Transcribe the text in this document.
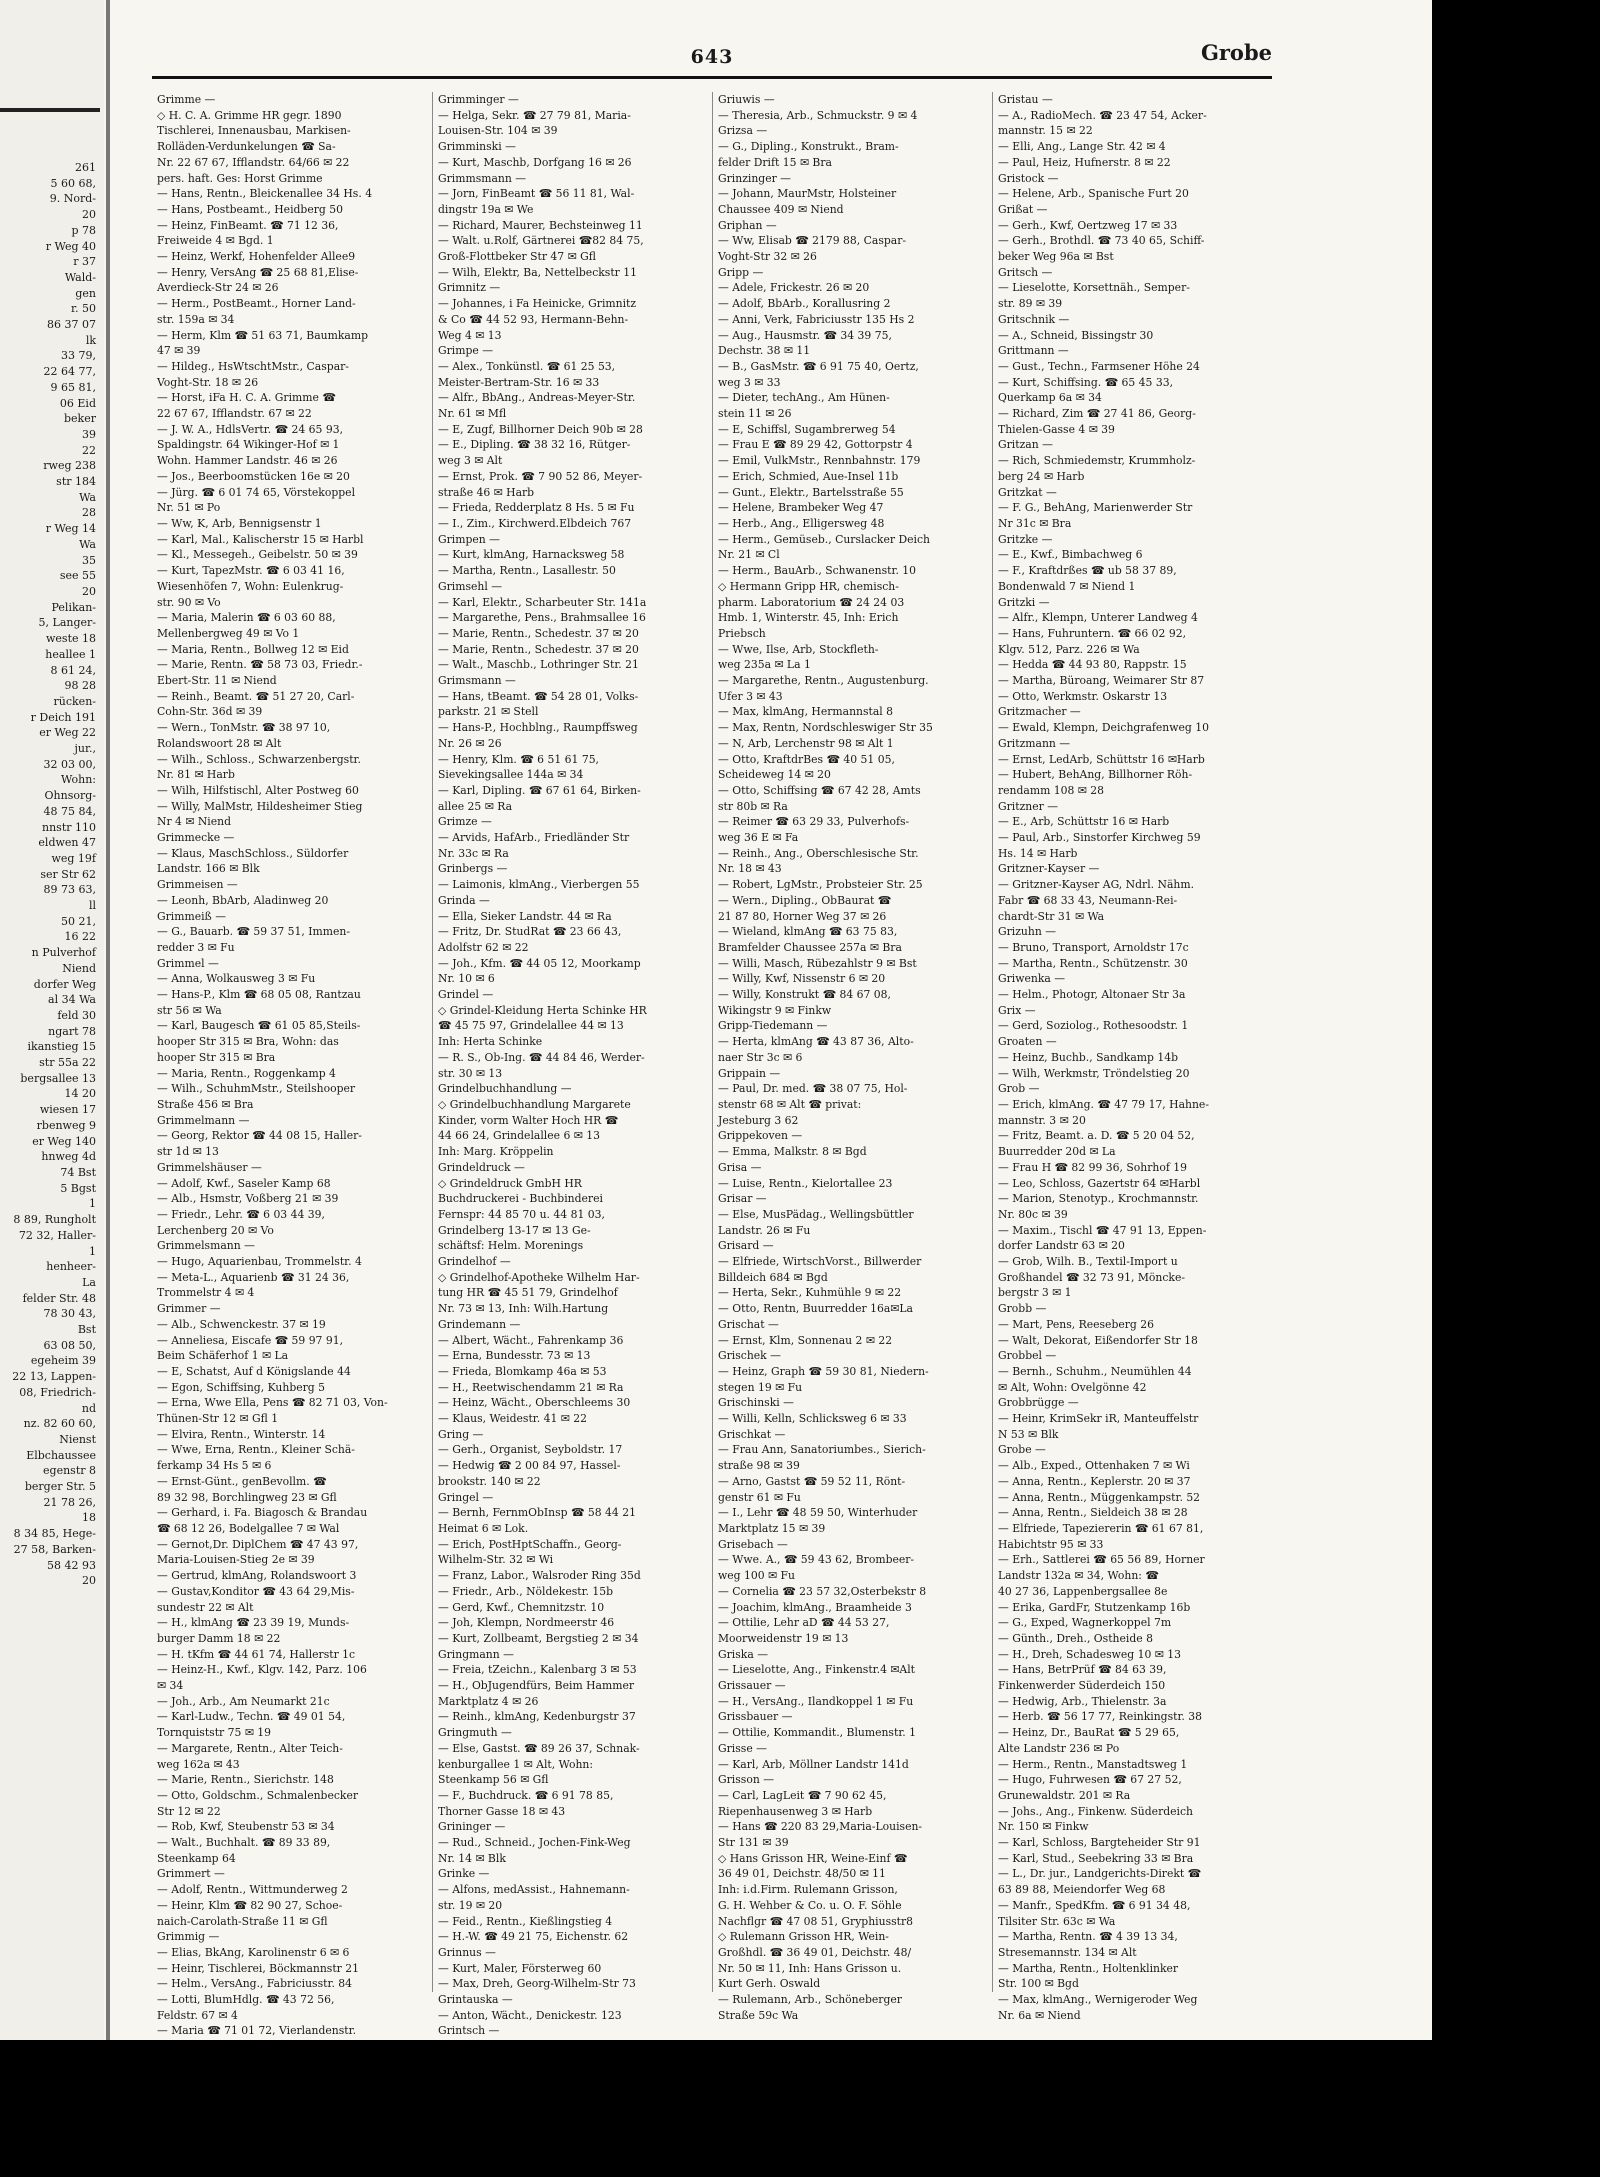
261
5 60 68,
9. Nord-
20
p 78
r Weg 40
r 37
Wald-
gen
r. 50
86 37 07
lk
33 79,
22 64 77,
9 65 81,
06 Eid
beker
39
22
rweg 238
str 184
Wa
28
r Weg 14
Wa
35
see 55
20
Pelikan-
5, Langer-
weste 18
heallee 1
8 61 24,
98 28
rücken-
r Deich 191
er Weg 22
jur.,
32 03 00,
Wohn:
Ohnsorg-
48 75 84,
nnstr 110
eldwen 47
weg 19f
ser Str 62
89 73 63,
ll
50 21,
16 22
n Pulverhof
Niend
dorfer Weg
al 34 Wa
feld 30
ngart 78
ikanstieg 15
str 55a 22
bergsallee 13
14 20
wiesen 17
rbenweg 9
er Weg 140
hnweg 4d
74 Bst
5 Bgst
1
8 89, Rungholt
72 32, Haller-
1
henheer-
La
felder Str. 48
78 30 43,
Bst
63 08 50,
egeheim 39
22 13, Lappen-
08, Friedrich-
nd
nz. 82 60 60,
Nienst
Elbchaussee
egenstr 8
berger Str. 5
21 78 26,
18
8 34 85, Hege-
27 58, Barken-
58 42 93
20
643	Grobe
Grimme —
◇ H. C. A. Grimme HR gegr. 1890
Tischlerei, Innenausbau, Markisen-
Rolläden-Verdunkelungen ☎ Sa-
Nr. 22 67 67, Ifflandstr. 64/66 ✉ 22
pers. haft. Ges: Horst Grimme
— Hans, Rentn., Bleickenallee 34 Hs. 4
— Hans, Postbeamt., Heidberg 50
— Heinz, FinBeamt. ☎ 71 12 36,
Freiweide 4 ✉ Bgd. 1
— Heinz, Werkf, Hohenfelder Allee9
— Henry, VersAng ☎ 25 68 81,Elise-
Averdieck-Str 24 ✉ 26
— Herm., PostBeamt., Horner Land-
str. 159a ✉ 34
— Herm, Klm ☎ 51 63 71, Baumkamp
47 ✉ 39
— Hildeg., HsWtschtMstr., Caspar-
Voght-Str. 18 ✉ 26
— Horst, iFa H. C. A. Grimme ☎
22 67 67, Ifflandstr. 67 ✉ 22
— J. W. A., HdlsVertr. ☎ 24 65 93,
Spaldingstr. 64 Wikinger-Hof ✉ 1
Wohn. Hammer Landstr. 46 ✉ 26
— Jos., Beerboomstücken 16e ✉ 20
— Jürg. ☎ 6 01 74 65, Vörstekoppel
Nr. 51 ✉ Po
— Ww, K, Arb, Bennigsenstr 1
— Karl, Mal., Kalischerstr 15 ✉ Harbl
— Kl., Messegeh., Geibelstr. 50 ✉ 39
— Kurt, TapezMstr. ☎ 6 03 41 16,
Wiesenhöfen 7, Wohn: Eulenkrug-
str. 90 ✉ Vo
— Maria, Malerin ☎ 6 03 60 88,
Mellenbergweg 49 ✉ Vo 1
— Maria, Rentn., Bollweg 12 ✉ Eid
— Marie, Rentn. ☎ 58 73 03, Friedr.-
Ebert-Str. 11 ✉ Niend
— Reinh., Beamt. ☎ 51 27 20, Carl-
Cohn-Str. 36d ✉ 39
— Wern., TonMstr. ☎ 38 97 10,
Rolandswoort 28 ✉ Alt
— Wilh., Schloss., Schwarzenbergstr.
Nr. 81 ✉ Harb
— Wilh, Hilfstischl, Alter Postweg 60
— Willy, MalMstr, Hildesheimer Stieg
Nr 4 ✉ Niend
Grimmecke —
— Klaus, MaschSchloss., Süldorfer
Landstr. 166 ✉ Blk
Grimmeisen —
— Leonh, BbArb, Aladinweg 20
Grimmeiß —
— G., Bauarb. ☎ 59 37 51, Immen-
redder 3 ✉ Fu
Grimmel —
— Anna, Wolkausweg 3 ✉ Fu
— Hans-P., Klm ☎ 68 05 08, Rantzau
str 56 ✉ Wa
— Karl, Baugesch ☎ 61 05 85,Steils-
hooper Str 315 ✉ Bra, Wohn: das
hooper Str 315 ✉ Bra
— Maria, Rentn., Roggenkamp 4
— Wilh., SchuhmMstr., Steilshooper
Straße 456 ✉ Bra
Grimmelmann —
— Georg, Rektor ☎ 44 08 15, Haller-
str 1d ✉ 13
Grimmelshäuser —
— Adolf, Kwf., Saseler Kamp 68
— Alb., Hsmstr, Voßberg 21 ✉ 39
— Friedr., Lehr. ☎ 6 03 44 39,
Lerchenberg 20 ✉ Vo
Grimmelsmann —
— Hugo, Aquarienbau, Trommelstr. 4
— Meta-L., Aquarienb ☎ 31 24 36,
Trommelstr 4 ✉ 4
Grimmer —
— Alb., Schwenckestr. 37 ✉ 19
— Anneliesa, Eiscafe ☎ 59 97 91,
Beim Schäferhof 1 ✉ La
— E, Schatst, Auf d Königslande 44
— Egon, Schiffsing, Kuhberg 5
— Erna, Wwe Ella, Pens ☎ 82 71 03, Von-
Thünen-Str 12 ✉ Gfl 1
— Elvira, Rentn., Winterstr. 14
— Wwe, Erna, Rentn., Kleiner Schä-
ferkamp 34 Hs 5 ✉ 6
— Ernst-Günt., genBevollm. ☎
89 32 98, Borchlingweg 23 ✉ Gfl
— Gerhard, i. Fa. Biagosch & Brandau
☎ 68 12 26, Bodelgallee 7 ✉ Wal
— Gernot,Dr. DiplChem ☎ 47 43 97,
Maria-Louisen-Stieg 2e ✉ 39
— Gertrud, klmAng, Rolandswoort 3
— Gustav,Konditor ☎ 43 64 29,Mis-
sundestr 22 ✉ Alt
— H., klmAng ☎ 23 39 19, Munds-
burger Damm 18 ✉ 22
— H. tKfm ☎ 44 61 74, Hallerstr 1c
— Heinz-H., Kwf., Klgv. 142, Parz. 106
✉ 34
— Joh., Arb., Am Neumarkt 21c
— Karl-Ludw., Techn. ☎ 49 01 54,
Tornquiststr 75 ✉ 19
— Margarete, Rentn., Alter Teich-
weg 162a ✉ 43
— Marie, Rentn., Sierichstr. 148
— Otto, Goldschm., Schmalenbecker
Str 12 ✉ 22
— Rob, Kwf, Steubenstr 53 ✉ 34
— Walt., Buchhalt. ☎ 89 33 89,
Steenkamp 64
Grimmert —
— Adolf, Rentn., Wittmunderweg 2
— Heinr, Klm ☎ 82 90 27, Schoe-
naich-Carolath-Straße 11 ✉ Gfl
Grimmig —
— Elias, BkAng, Karolinenstr 6 ✉ 6
— Heinr, Tischlerei, Böckmannstr 21
— Helm., VersAng., Fabriciusstr. 84
— Lotti, BlumHdlg. ☎ 43 72 56,
Feldstr. 67 ✉ 4
— Maria ☎ 71 01 72, Vierlandenstr.
Grimminger —
— Helga, Sekr. ☎ 27 79 81, Maria-
Louisen-Str. 104 ✉ 39
Grimminski —
— Kurt, Maschb, Dorfgang 16 ✉ 26
Grimmsmann —
— Jorn, FinBeamt ☎ 56 11 81, Wal-
dingstr 19a ✉ We
— Richard, Maurer, Bechsteinweg 11
— Walt. u.Rolf, Gärtnerei ☎82 84 75,
Groß-Flottbeker Str 47 ✉ Gfl
— Wilh, Elektr, Ba, Nettelbeckstr 11
Grimnitz —
— Johannes, i Fa Heinicke, Grimnitz
& Co ☎ 44 52 93, Hermann-Behn-
Weg 4 ✉ 13
Grimpe —
— Alex., Tonkünstl. ☎ 61 25 53,
Meister-Bertram-Str. 16 ✉ 33
— Alfr., BbAng., Andreas-Meyer-Str.
Nr. 61 ✉ Mfl
— E, Zugf, Billhorner Deich 90b ✉ 28
— E., Dipling. ☎ 38 32 16, Rütger-
weg 3 ✉ Alt
— Ernst, Prok. ☎ 7 90 52 86, Meyer-
straße 46 ✉ Harb
— Frieda, Redderplatz 8 Hs. 5 ✉ Fu
— I., Zim., Kirchwerd.Elbdeich 767
Grimpen —
— Kurt, klmAng, Harnacksweg 58
— Martha, Rentn., Lasallestr. 50
Grimsehl —
— Karl, Elektr., Scharbeuter Str. 141a
— Margarethe, Pens., Brahmsallee 16
— Marie, Rentn., Schedestr. 37 ✉ 20
— Marie, Rentn., Schedestr. 37 ✉ 20
— Walt., Maschb., Lothringer Str. 21
Grimsmann —
— Hans, tBeamt. ☎ 54 28 01, Volks-
parkstr. 21 ✉ Stell
— Hans-P., Hochblng., Raumpffsweg
Nr. 26 ✉ 26
— Henry, Klm. ☎ 6 51 61 75,
Sievekingsallee 144a ✉ 34
— Karl, Dipling. ☎ 67 61 64, Birken-
allee 25 ✉ Ra
Grimze —
— Arvids, HafArb., Friedländer Str
Nr. 33c ✉ Ra
Grinbergs —
— Laimonis, klmAng., Vierbergen 55
Grinda —
— Ella, Sieker Landstr. 44 ✉ Ra
— Fritz, Dr. StudRat ☎ 23 66 43,
Adolfstr 62 ✉ 22
— Joh., Kfm. ☎ 44 05 12, Moorkamp
Nr. 10 ✉ 6
Grindel —
◇ Grindel-Kleidung Herta Schinke HR
☎ 45 75 97, Grindelallee 44 ✉ 13
Inh: Herta Schinke
— R. S., Ob-Ing. ☎ 44 84 46, Werder-
str. 30 ✉ 13
Grindelbuchhandlung —
◇ Grindelbuchhandlung Margarete
Kinder, vorm Walter Hoch HR ☎
44 66 24, Grindelallee 6 ✉ 13
Inh: Marg. Kröppelin
Grindeldruck —
◇ Grindeldruck GmbH HR
Buchdruckerei - Buchbinderei
Fernspr: 44 85 70 u. 44 81 03,
Grindelberg 13-17 ✉ 13 Ge-
schäftsf: Helm. Morenings
Grindelhof —
◇ Grindelhof-Apotheke Wilhelm Har-
tung HR ☎ 45 51 79, Grindelhof
Nr. 73 ✉ 13, Inh: Wilh.Hartung
Grindemann —
— Albert, Wächt., Fahrenkamp 36
— Erna, Bundesstr. 73 ✉ 13
— Frieda, Blomkamp 46a ✉ 53
— H., Reetwischendamm 21 ✉ Ra
— Heinz, Wächt., Oberschleems 30
— Klaus, Weidestr. 41 ✉ 22
Gring —
— Gerh., Organist, Seyboldstr. 17
— Hedwig ☎ 2 00 84 97, Hassel-
brookstr. 140 ✉ 22
Gringel —
— Bernh, FernmObInsp ☎ 58 44 21
Heimat 6 ✉ Lok.
— Erich, PostHptSchaffn., Georg-
Wilhelm-Str. 32 ✉ Wi
— Franz, Labor., Walsroder Ring 35d
— Friedr., Arb., Nöldekestr. 15b
— Gerd, Kwf., Chemnitzstr. 10
— Joh, Klempn, Nordmeerstr 46
— Kurt, Zollbeamt, Bergstieg 2 ✉ 34
Gringmann —
— Freia, tZeichn., Kalenbarg 3 ✉ 53
— H., ObJugendfürs, Beim Hammer
Marktplatz 4 ✉ 26
— Reinh., klmAng, Kedenburgstr 37
Gringmuth —
— Else, Gastst. ☎ 89 26 37, Schnak-
kenburgallee 1 ✉ Alt, Wohn:
Steenkamp 56 ✉ Gfl
— F., Buchdruck. ☎ 6 91 78 85,
Thorner Gasse 18 ✉ 43
Grininger —
— Rud., Schneid., Jochen-Fink-Weg
Nr. 14 ✉ Blk
Grinke —
— Alfons, medAssist., Hahnemann-
str. 19 ✉ 20
— Feid., Rentn., Kießlingstieg 4
— H.-W. ☎ 49 21 75, Eichenstr. 62
Grinnus —
— Kurt, Maler, Försterweg 60
— Max, Dreh, Georg-Wilhelm-Str 73
Grintauska —
— Anton, Wächt., Denickestr. 123
Grintsch —
Griuwis —
— Theresia, Arb., Schmuckstr. 9 ✉ 4
Grizsa —
— G., Dipling., Konstrukt., Bram-
felder Drift 15 ✉ Bra
Grinzinger —
— Johann, MaurMstr, Holsteiner
Chaussee 409 ✉ Niend
Griphan —
— Ww, Elisab ☎ 2179 88, Caspar-
Voght-Str 32 ✉ 26
Gripp —
— Adele, Frickestr. 26 ✉ 20
— Adolf, BbArb., Korallusring 2
— Anni, Verk, Fabriciusstr 135 Hs 2
— Aug., Hausmstr. ☎ 34 39 75,
Dechstr. 38 ✉ 11
— B., GasMstr. ☎ 6 91 75 40, Oertz,
weg 3 ✉ 33
— Dieter, techAng., Am Hünen-
stein 11 ✉ 26
— E, Schiffsl, Sugambrerweg 54
— Frau E ☎ 89 29 42, Gottorpstr 4
— Emil, VulkMstr., Rennbahnstr. 179
— Erich, Schmied, Aue-Insel 11b
— Gunt., Elektr., Bartelsstraße 55
— Helene, Brambeker Weg 47
— Herb., Ang., Elligersweg 48
— Herm., Gemüseb., Curslacker Deich
Nr. 21 ✉ Cl
— Herm., BauArb., Schwanenstr. 10
◇ Hermann Gripp HR, chemisch-
pharm. Laboratorium ☎ 24 24 03
Hmb. 1, Winterstr. 45, Inh: Erich
Priebsch
— Wwe, Ilse, Arb, Stockfleth-
weg 235a ✉ La 1
— Margarethe, Rentn., Augustenburg.
Ufer 3 ✉ 43
— Max, klmAng, Hermannstal 8
— Max, Rentn, Nordschleswiger Str 35
— N, Arb, Lerchenstr 98 ✉ Alt 1
— Otto, KraftdrBes ☎ 40 51 05,
Scheideweg 14 ✉ 20
— Otto, Schiffsing ☎ 67 42 28, Amts
str 80b ✉ Ra
— Reimer ☎ 63 29 33, Pulverhofs-
weg 36 E ✉ Fa
— Reinh., Ang., Oberschlesische Str.
Nr. 18 ✉ 43
— Robert, LgMstr., Probsteier Str. 25
— Wern., Dipling., ObBaurat ☎
21 87 80, Horner Weg 37 ✉ 26
— Wieland, klmAng ☎ 63 75 83,
Bramfelder Chaussee 257a ✉ Bra
— Willi, Masch, Rübezahlstr 9 ✉ Bst
— Willy, Kwf, Nissenstr 6 ✉ 20
— Willy, Konstrukt ☎ 84 67 08,
Wikingstr 9 ✉ Finkw
Gripp-Tiedemann —
— Herta, klmAng ☎ 43 87 36, Alto-
naer Str 3c ✉ 6
Grippain —
— Paul, Dr. med. ☎ 38 07 75, Hol-
stenstr 68 ✉ Alt ☎ privat:
Jesteburg 3 62
Grippekoven —
— Emma, Malkstr. 8 ✉ Bgd
Grisa —
— Luise, Rentn., Kielortallee 23
Grisar —
— Else, MusPädag., Wellingsbüttler
Landstr. 26 ✉ Fu
Grisard —
— Elfriede, WirtschVorst., Billwerder
Billdeich 684 ✉ Bgd
— Herta, Sekr., Kuhmühle 9 ✉ 22
— Otto, Rentn, Buurredder 16a✉La
Grischat —
— Ernst, Klm, Sonnenau 2 ✉ 22
Grischek —
— Heinz, Graph ☎ 59 30 81, Niedern-
stegen 19 ✉ Fu
Grischinski —
— Willi, Kelln, Schlicksweg 6 ✉ 33
Grischkat —
— Frau Ann, Sanatoriumbes., Sierich-
straße 98 ✉ 39
— Arno, Gastst ☎ 59 52 11, Rönt-
genstr 61 ✉ Fu
— I., Lehr ☎ 48 59 50, Winterhuder
Marktplatz 15 ✉ 39
Grisebach —
— Wwe. A., ☎ 59 43 62, Brombeer-
weg 100 ✉ Fu
— Cornelia ☎ 23 57 32,Osterbekstr 8
— Joachim, klmAng., Braamheide 3
— Ottilie, Lehr aD ☎ 44 53 27,
Moorweidenstr 19 ✉ 13
Griska —
— Lieselotte, Ang., Finkenstr.4 ✉Alt
Grissauer —
— H., VersAng., Ilandkoppel 1 ✉ Fu
Grissbauer —
— Ottilie, Kommandit., Blumenstr. 1
Grisse —
— Karl, Arb, Möllner Landstr 141d
Grisson —
— Carl, LagLeit ☎ 7 90 62 45,
Riepenhausenweg 3 ✉ Harb
— Hans ☎ 220 83 29,Maria-Louisen-
Str 131 ✉ 39
◇ Hans Grisson HR, Weine-Einf ☎
36 49 01, Deichstr. 48/50 ✉ 11
Inh: i.d.Firm. Rulemann Grisson,
G. H. Wehber & Co. u. O. F. Söhle
Nachflgr ☎ 47 08 51, Gryphiusstr8
◇ Rulemann Grisson HR, Wein-
Großhdl. ☎ 36 49 01, Deichstr. 48/
Nr. 50 ✉ 11, Inh: Hans Grisson u.
Kurt Gerh. Oswald
— Rulemann, Arb., Schöneberger
Straße 59c Wa
Gristau —
— A., RadioMech. ☎ 23 47 54, Acker-
mannstr. 15 ✉ 22
— Elli, Ang., Lange Str. 42 ✉ 4
— Paul, Heiz, Hufnerstr. 8 ✉ 22
Gristock —
— Helene, Arb., Spanische Furt 20
Grißat —
— Gerh., Kwf, Oertzweg 17 ✉ 33
— Gerh., Brothdl. ☎ 73 40 65, Schiff-
beker Weg 96a ✉ Bst
Gritsch —
— Lieselotte, Korsettnäh., Semper-
str. 89 ✉ 39
Gritschnik —
— A., Schneid, Bissingstr 30
Grittmann —
— Gust., Techn., Farmsener Höhe 24
— Kurt, Schiffsing. ☎ 65 45 33,
Querkamp 6a ✉ 34
— Richard, Zim ☎ 27 41 86, Georg-
Thielen-Gasse 4 ✉ 39
Gritzan —
— Rich, Schmiedemstr, Krummholz-
berg 24 ✉ Harb
Gritzkat —
— F. G., BehAng, Marienwerder Str
Nr 31c ✉ Bra
Gritzke —
— E., Kwf., Bimbachweg 6
— F., Kraftdrßes ☎ ub 58 37 89,
Bondenwald 7 ✉ Niend 1
Gritzki —
— Alfr., Klempn, Unterer Landweg 4
— Hans, Fuhruntern. ☎ 66 02 92,
Klgv. 512, Parz. 226 ✉ Wa
— Hedda ☎ 44 93 80, Rappstr. 15
— Martha, Büroang, Weimarer Str 87
— Otto, Werkmstr. Oskarstr 13
Gritzmacher —
— Ewald, Klempn, Deichgrafenweg 10
Gritzmann —
— Ernst, LedArb, Schüttstr 16 ✉Harb
— Hubert, BehAng, Billhorner Röh-
rendamm 108 ✉ 28
Gritzner —
— E., Arb, Schüttstr 16 ✉ Harb
— Paul, Arb., Sinstorfer Kirchweg 59
Hs. 14 ✉ Harb
Gritzner-Kayser —
— Gritzner-Kayser AG, Ndrl. Nähm.
Fabr ☎ 68 33 43, Neumann-Rei-
chardt-Str 31 ✉ Wa
Grizuhn —
— Bruno, Transport, Arnoldstr 17c
— Martha, Rentn., Schützenstr. 30
Griwenka —
— Helm., Photogr, Altonaer Str 3a
Grix —
— Gerd, Soziolog., Rothesoodstr. 1
Groaten —
— Heinz, Buchb., Sandkamp 14b
— Wilh, Werkmstr, Tröndelstieg 20
Grob —
— Erich, klmAng. ☎ 47 79 17, Hahne-
mannstr. 3 ✉ 20
— Fritz, Beamt. a. D. ☎ 5 20 04 52,
Buurredder 20d ✉ La
— Frau H ☎ 82 99 36, Sohrhof 19
— Leo, Schloss, Gazertstr 64 ✉Harbl
— Marion, Stenotyp., Krochmannstr.
Nr. 80c ✉ 39
— Maxim., Tischl ☎ 47 91 13, Eppen-
dorfer Landstr 63 ✉ 20
— Grob, Wilh. B., Textil-Import u
Großhandel ☎ 32 73 91, Mönckе-
bergstr 3 ✉ 1
Grobb —
— Mart, Pens, Reeseberg 26
— Walt, Dekorat, Eißendorfer Str 18
Grobbel —
— Bernh., Schuhm., Neumühlen 44
✉ Alt, Wohn: Ovelgönne 42
Grobbrügge —
— Heinr, KrimSekr iR, Manteuffelstr
N 53 ✉ Blk
Grobe —
— Alb., Exped., Ottenhaken 7 ✉ Wi
— Anna, Rentn., Keplerstr. 20 ✉ 37
— Anna, Rentn., Müggenkampstr. 52
— Anna, Rentn., Sieldeich 38 ✉ 28
— Elfriede, Tapeziererin ☎ 61 67 81,
Habichtstr 95 ✉ 33
— Erh., Sattlerei ☎ 65 56 89, Horner
Landstr 132a ✉ 34, Wohn: ☎
40 27 36, Lappenbergsallee 8e
— Erika, GardFr, Stutzenkamp 16b
— G., Exped, Wagnerkoppel 7m
— Günth., Dreh., Ostheide 8
— H., Dreh, Schadesweg 10 ✉ 13
— Hans, BetrPrüf ☎ 84 63 39,
Finkenwerder Süderdeich 150
— Hedwig, Arb., Thielenstr. 3a
— Herb. ☎ 56 17 77, Reinkingstr. 38
— Heinz, Dr., BauRat ☎ 5 29 65,
Alte Landstr 236 ✉ Po
— Herm., Rentn., Manstadtsweg 1
— Hugo, Fuhrwesen ☎ 67 27 52,
Grunewaldstr. 201 ✉ Ra
— Johs., Ang., Finkenw. Süderdeich
Nr. 150 ✉ Finkw
— Karl, Schloss, Bargteheider Str 91
— Karl, Stud., Seebekring 33 ✉ Bra
— L., Dr. jur., Landgerichts-Direkt ☎
63 89 88, Meiendorfer Weg 68
— Manfr., SpedKfm. ☎ 6 91 34 48,
Tilsiter Str. 63c ✉ Wa
— Martha, Rentn. ☎ 4 39 13 34,
Stresemannstr. 134 ✉ Alt
— Martha, Rentn., Holtenklinker
Str. 100 ✉ Bgd
— Max, klmAng., Wernigeroder Weg
Nr. 6a ✉ Niend
